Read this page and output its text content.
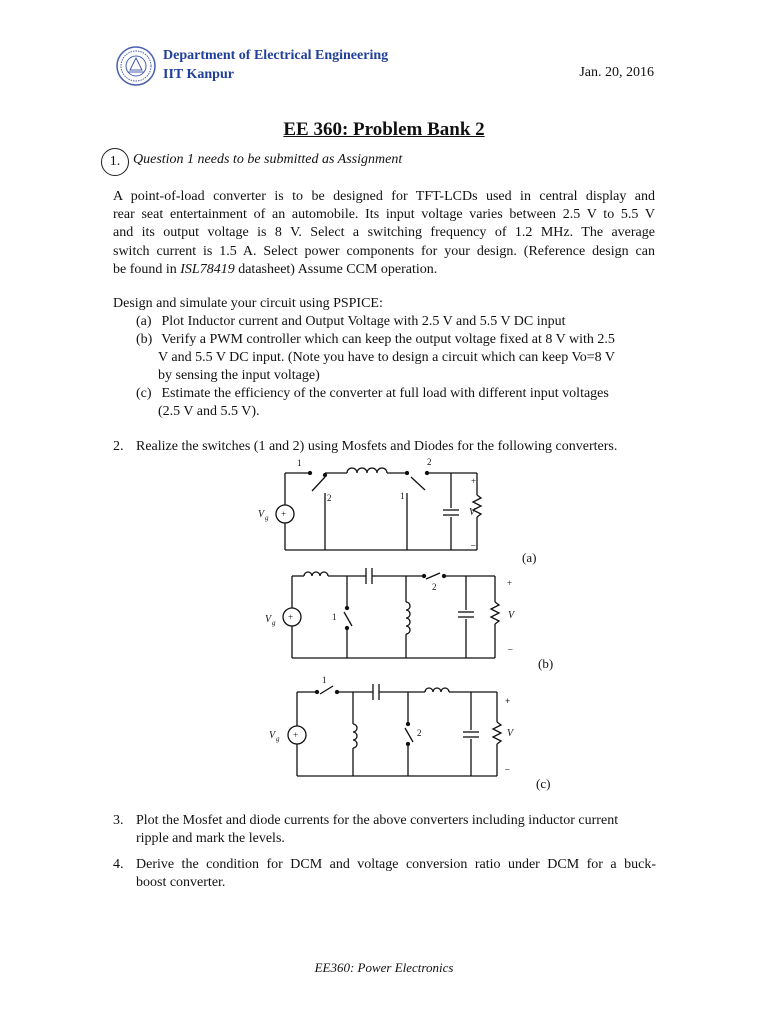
Department of Electrical Engineering
IIT Kanpur	Jan. 20, 2016
EE 360: Problem Bank 2
1. Question 1 needs to be submitted as Assignment
A point-of-load converter is to be designed for TFT-LCDs used in central display and
rear seat entertainment of an automobile. Its input voltage varies between 2.5 V to 5.5 V
and its output voltage is 8 V. Select a switching frequency of 1.2 MHz. The average
switch current is 1.5 A. Select power components for your design. (Reference design can
be found in ISL78419 datasheet) Assume CCM operation.
Design and simulate your circuit using PSPICE:
(a) Plot Inductor current and Output Voltage with 2.5 V and 5.5 V DC input
(b) Verify a PWM controller which can keep the output voltage fixed at 8 V with 2.5
V and 5.5 V DC input. (Note you have to design a circuit which can keep Vo=8 V
by sensing the input voltage)
(c) Estimate the efficiency of the converter at full load with different input voltages
(2.5 V and 5.5 V).
2. Realize the switches (1 and 2) using Mosfets and Diodes for the following converters.
1
2	1
2
+
V g
+
V
–
(a)
1
2
+
V g
+
V
–
(b)
1
2
+
V g
+
V
–
(c)
3. Plot the Mosfet and diode currents for the above converters including inductor current
ripple and mark the levels.
4. Derive the condition for DCM and voltage conversion ratio under DCM for a buck-
boost converter.
EE360: Power Electronics
